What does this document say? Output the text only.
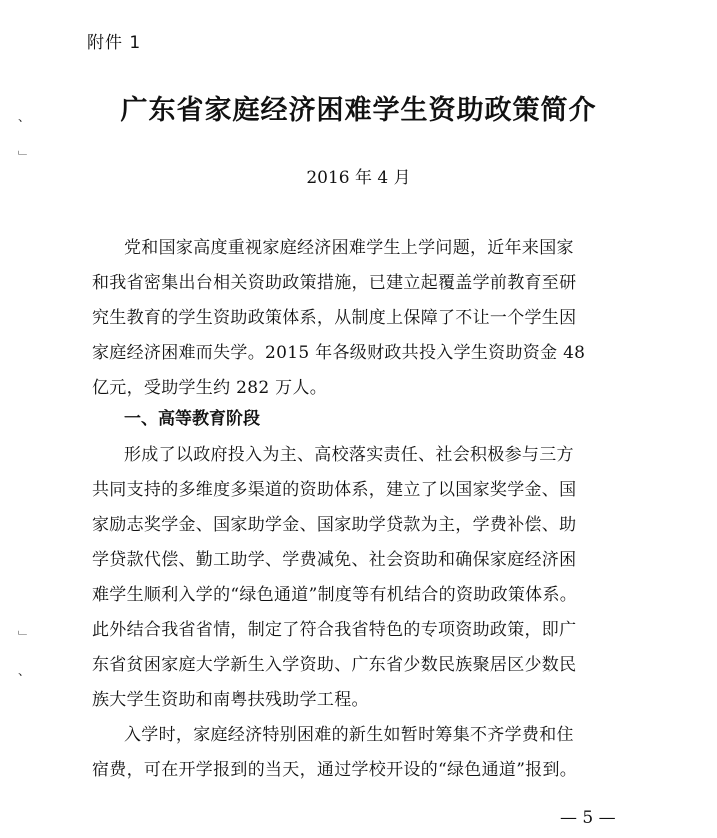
附件 1
、
﹂
﹂
、
广东省家庭经济困难学生资助政策简介
2016 年 4 月
党和国家高度重视家庭经济困难学生上学问题，近年来国家
和我省密集出台相关资助政策措施，已建立起覆盖学前教育至研
究生教育的学生资助政策体系，从制度上保障了不让一个学生因
家庭经济困难而失学。2015 年各级财政共投入学生资助资金 48
亿元，受助学生约 282 万人。
一、高等教育阶段
形成了以政府投入为主、高校落实责任、社会积极参与三方
共同支持的多维度多渠道的资助体系，建立了以国家奖学金、国
家励志奖学金、国家助学金、国家助学贷款为主，学费补偿、助
学贷款代偿、勤工助学、学费减免、社会资助和确保家庭经济困
难学生顺利入学的“绿色通道”制度等有机结合的资助政策体系。
此外结合我省省情，制定了符合我省特色的专项资助政策，即广
东省贫困家庭大学新生入学资助、广东省少数民族聚居区少数民
族大学生资助和南粤扶残助学工程。
入学时，家庭经济特别困难的新生如暂时筹集不齐学费和住
宿费，可在开学报到的当天，通过学校开设的“绿色通道”报到。
— 5 —
